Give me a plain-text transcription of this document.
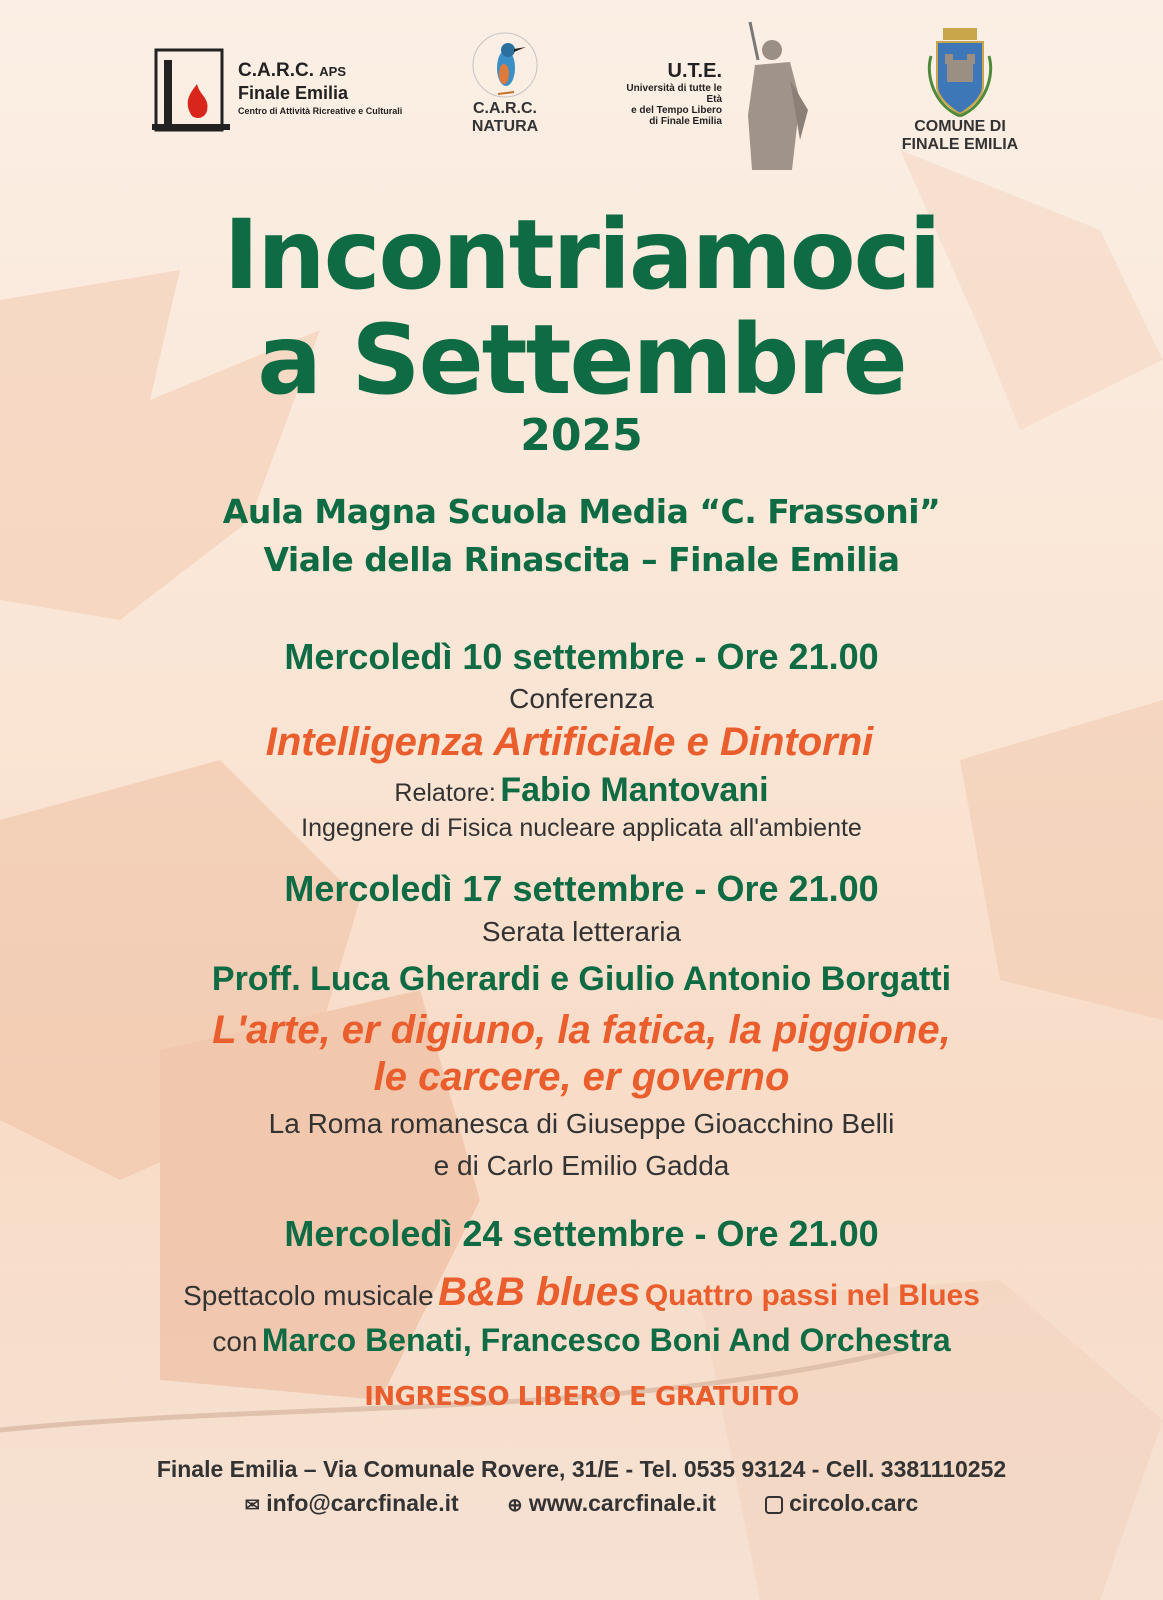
C.A.R.C. APS
Finale Emilia
Centro di Attività Ricreative e Culturali	C.A.R.C.
NATURA
U.T.E.
Università di tutte le Età
e del Tempo Libero
di Finale Emilia	COMUNE DI
FINALE EMILIA
Incontriamoci
a Settembre
2025
Aula Magna Scuola Media “C. Frassoni”
Viale della Rinascita – Finale Emilia
Mercoledì 10 settembre - Ore 21.00
Conferenza
Intelligenza Artificiale e Dintorni
Relatore: Fabio Mantovani
Ingegnere di Fisica nucleare applicata all'ambiente
Mercoledì 17 settembre - Ore 21.00
Serata letteraria
Proff. Luca Gherardi e Giulio Antonio Borgatti
L'arte, er digiuno, la fatica, la piggione,
le carcere, er governo
La Roma romanesca di Giuseppe Gioacchino Belli
e di Carlo Emilio Gadda
Mercoledì 24 settembre - Ore 21.00
Spettacolo musicale B&B blues Quattro passi nel Blues
con Marco Benati, Francesco Boni And Orchestra
INGRESSO LIBERO E GRATUITO
Finale Emilia – Via Comunale Rovere, 31/E - Tel. 0535 93124 - Cell. 3381110252
✉ info@carcfinale.it	⊕ www.carcfinale.it	circolo.carc
